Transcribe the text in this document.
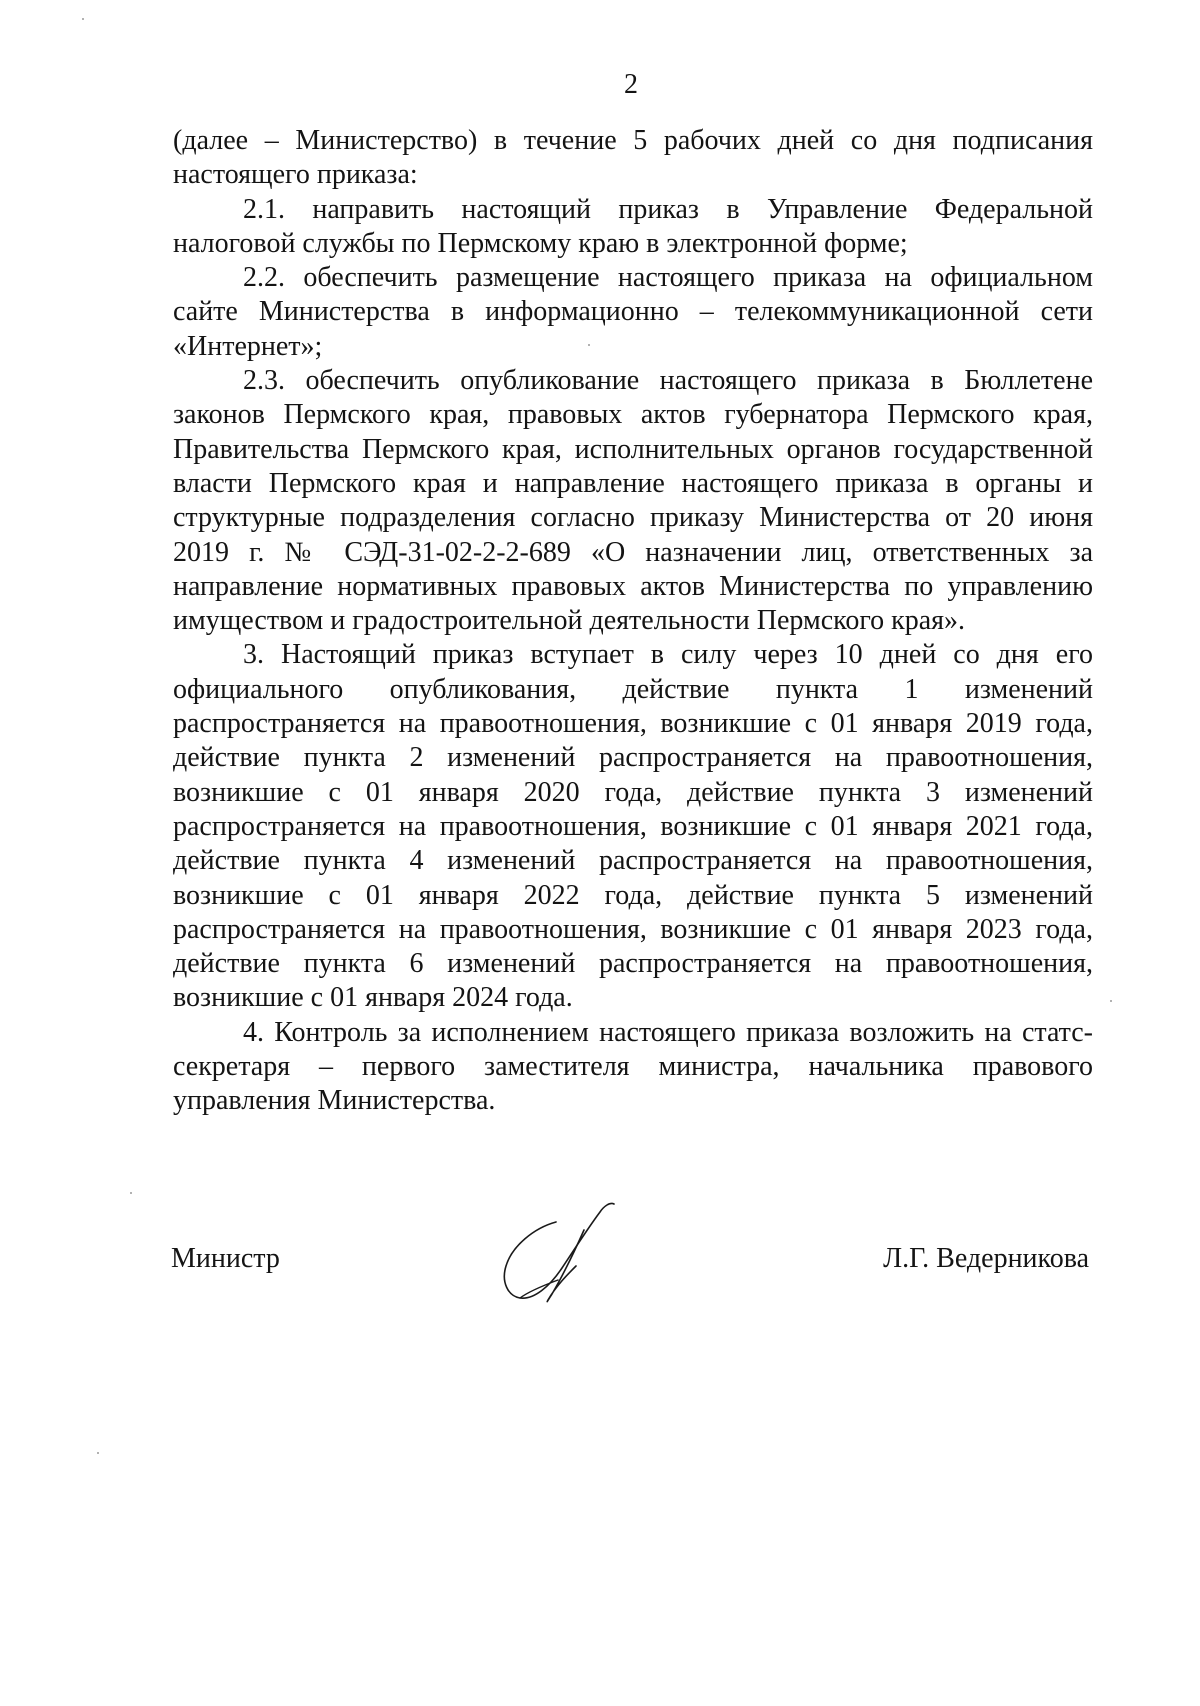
2

(далее – Министерство) в течение 5 рабочих дней со дня подписания настоящего приказа:

2.1. направить настоящий приказ в Управление Федеральной налоговой службы по Пермскому краю в электронной форме;

2.2. обеспечить размещение настоящего приказа на официальном сайте Министерства в информационно – телекоммуникационной сети «Интернет»;

2.3. обеспечить опубликование настоящего приказа в Бюллетене законов Пермского края, правовых актов губернатора Пермского края, Правительства Пермского края, исполнительных органов государственной власти Пермского края и направление настоящего приказа в органы и структурные подразделения согласно приказу Министерства от 20 июня 2019 г. № СЭД-31-02-2-2-689 «О назначении лиц, ответственных за направление нормативных правовых актов Министерства по управлению имуществом и градостроительной деятельности Пермского края».

3. Настоящий приказ вступает в силу через 10 дней со дня его официального опубликования, действие пункта 1 изменений распространяется на правоотношения, возникшие с 01 января 2019 года, действие пункта 2 изменений распространяется на правоотношения, возникшие с 01 января 2020 года, действие пункта 3 изменений распространяется на правоотношения, возникшие с 01 января 2021 года, действие пункта 4 изменений распространяется на правоотношения, возникшие с 01 января 2022 года, действие пункта 5 изменений распространяется на правоотношения, возникшие с 01 января 2023 года, действие пункта 6 изменений распространяется на правоотношения, возникшие с 01 января 2024 года.

4. Контроль за исполнением настоящего приказа возложить на статс-секретаря – первого заместителя министра, начальника правового управления Министерства.

Министр	Л.Г. Ведерникова
